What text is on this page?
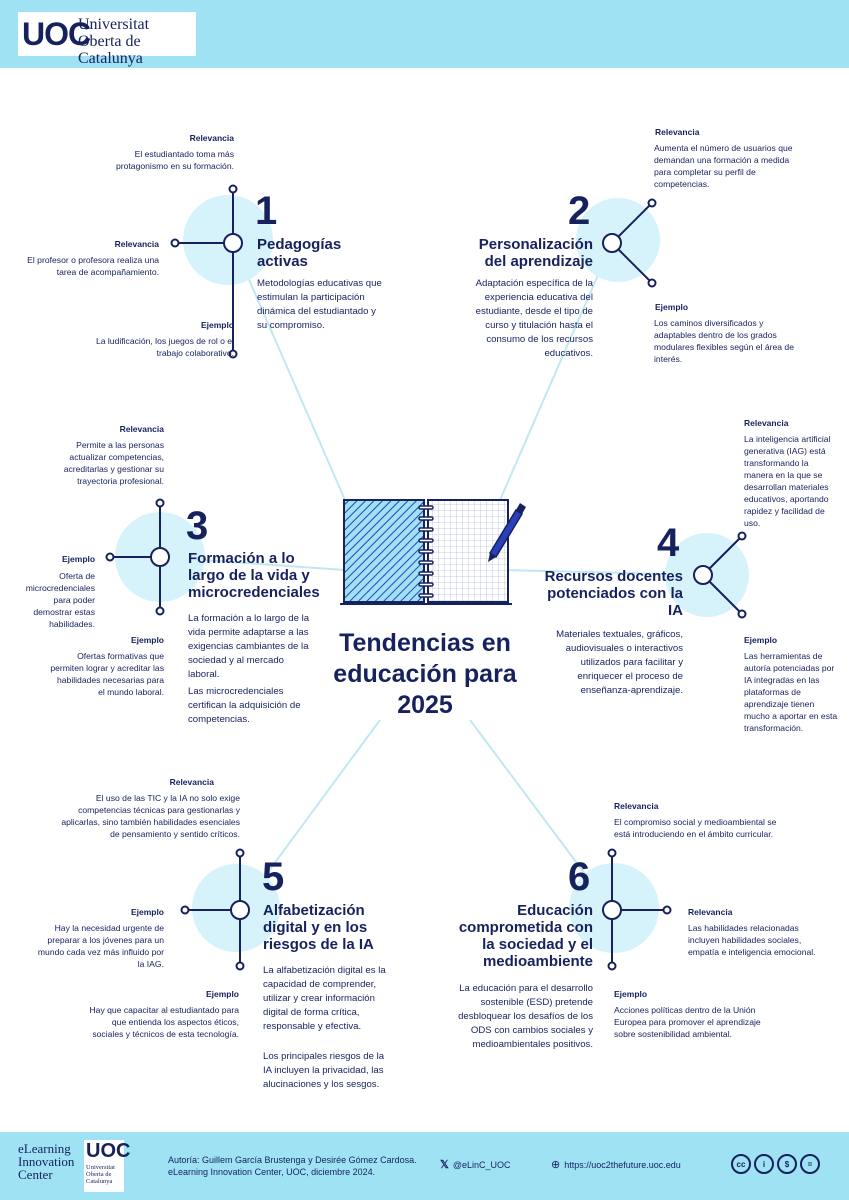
UOC
Universitat Oberta de Catalunya
Tendencias en educación para 2025
1
Pedagogías activas
Metodologías educativas que estimulan la participación dinámica del estudiantado y su compromiso.
Relevancia
El estudiantado toma más protagonismo en su formación.
Relevancia
El profesor o profesora realiza una tarea de acompañamiento.
Ejemplo
La ludificación, los juegos de rol o el trabajo colaborativo.
2
Personalización del aprendizaje
Adaptación específica de la experiencia educativa del estudiante, desde el tipo de curso y titulación hasta el consumo de los recursos educativos.
Relevancia
Aumenta el número de usuarios que demandan una formación a medida para completar su perfil de competencias.
Ejemplo
Los caminos diversificados y adaptables dentro de los grados modulares flexibles según el área de interés.
3
Formación a lo largo de la vida y microcredenciales
La formación a lo largo de la vida permite adaptarse a las exigencias cambiantes de la sociedad y al mercado laboral.
Las microcredenciales certifican la adquisición de competencias.
Relevancia
Permite a las personas actualizar competencias, acreditarlas y gestionar su trayectoria profesional.
Ejemplo
Oferta de microcredenciales para poder demostrar estas habilidades.
Ejemplo
Ofertas formativas que permiten lograr y acreditar las habilidades necesarias para el mundo laboral.
4
Recursos docentes potenciados con la IA
Materiales textuales, gráficos, audiovisuales o interactivos utilizados para facilitar y enriquecer el proceso de enseñanza-aprendizaje.
Relevancia
La inteligencia artificial generativa (IAG) está transformando la manera en la que se desarrollan materiales educativos, aportando rapidez y facilidad de uso.
Ejemplo
Las herramientas de autoría potenciadas por IA integradas en las plataformas de aprendizaje tienen mucho a aportar en esta transformación.
5
Alfabetización digital y en los riesgos de la IA
La alfabetización digital es la capacidad de comprender, utilizar y crear información digital de forma crítica, responsable y efectiva.
Los principales riesgos de la IA incluyen la privacidad, las alucinaciones y los sesgos.
Relevancia
El uso de las TIC y la IA no solo exige competencias técnicas para gestionarlas y aplicarlas, sino también habilidades esenciales de pensamiento y sentido críticos.
Ejemplo
Hay la necesidad urgente de preparar a los jóvenes para un mundo cada vez más influido por la IAG.
Ejemplo
Hay que capacitar al estudiantado para que entienda los aspectos éticos, sociales y técnicos de esta tecnología.
6
Educación comprometida con la sociedad y el medioambiente
La educación para el desarrollo sostenible (ESD) pretende desbloquear los desafíos de los ODS con cambios sociales y medioambientales positivos.
Relevancia
El compromiso social y medioambiental se está introduciendo en el ámbito curricular.
Relevancia
Las habilidades relacionadas incluyen habilidades sociales, empatía e inteligencia emocional.
Ejemplo
Acciones políticas dentro de la Unión Europea para promover el aprendizaje sobre sostenibilidad ambiental.
eLearning Innovation Center
UOC
Universitat Oberta de Catalunya
Autoría: Guillem García Brustenga y Desirée Gómez Cardosa.
eLearning Innovation Center, UOC, diciembre 2024.
𝕏 @eLinC_UOC	⊕ https://uoc2thefuture.uoc.edu	cc	i	$	=
